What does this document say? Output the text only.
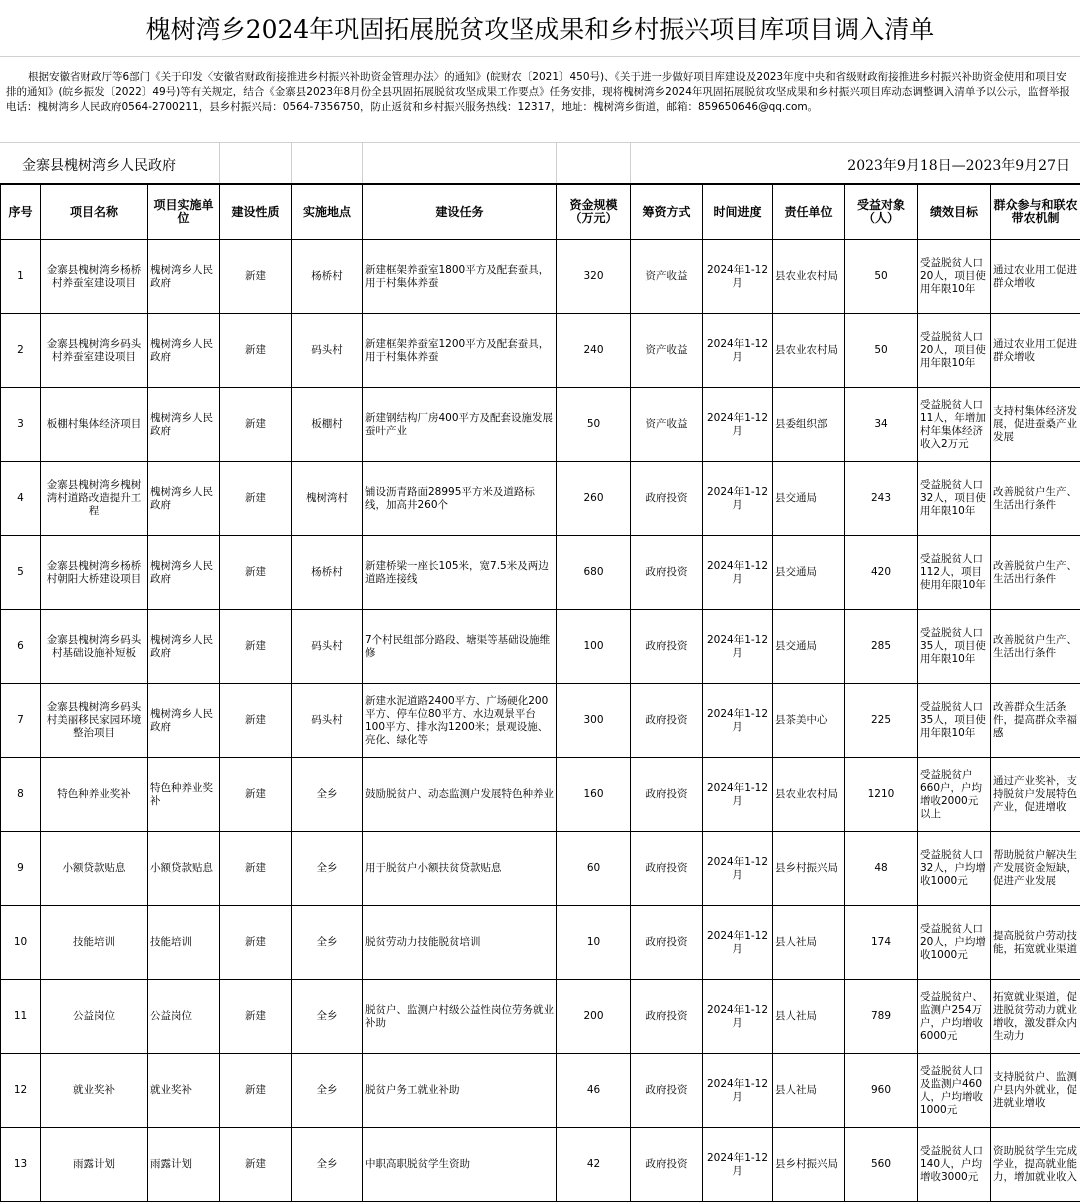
槐树湾乡2024年巩固拓展脱贫攻坚成果和乡村振兴项目库项目调入清单
根据安徽省财政厅等6部门《关于印发〈安徽省财政衔接推进乡村振兴补助资金管理办法〉的通知》(皖财农〔2021〕450号)、《关于进一步做好项目库建设及2023年度中央和省级财政衔接推进乡村振兴补助资金使用和项目安排的通知》(皖乡振发〔2022〕49号)等有关规定，结合《金寨县2023年8月份全县巩固拓展脱贫攻坚成果工作要点》任务安排，现将槐树湾乡2024年巩固拓展脱贫攻坚成果和乡村振兴项目库动态调整调入清单予以公示，监督举报电话：槐树湾乡人民政府0564-2700211，县乡村振兴局：0564-7356750，防止返贫和乡村振兴服务热线：12317，地址：槐树湾乡街道，邮箱：859650646@qq.com。
金寨县槐树湾乡人民政府	2023年9月18日—2023年9月27日
序号	项目名称	项目实施单位	建设性质	实施地点	建设任务	资金规模（万元）	筹资方式	时间进度	责任单位	受益对象（人）	绩效目标	群众参与和联农带农机制
1	金寨县槐树湾乡杨桥村养蚕室建设项目	槐树湾乡人民政府	新建	杨桥村	新建框架养蚕室1800平方及配套蚕具，用于村集体养蚕	320	资产收益	2024年1-12月	县农业农村局	50	受益脱贫人口20人，项目使用年限10年	通过农业用工促进群众增收
2	金寨县槐树湾乡码头村养蚕室建设项目	槐树湾乡人民政府	新建	码头村	新建框架养蚕室1200平方及配套蚕具，用于村集体养蚕	240	资产收益	2024年1-12月	县农业农村局	50	受益脱贫人口20人，项目使用年限10年	通过农业用工促进群众增收
3	板棚村集体经济项目	槐树湾乡人民政府	新建	板棚村	新建钢结构厂房400平方及配套设施发展蚕叶产业	50	资产收益	2024年1-12月	县委组织部	34	受益脱贫人口11人，年增加村年集体经济收入2万元	支持村集体经济发展，促进蚕桑产业发展
4	金寨县槐树湾乡槐树湾村道路改造提升工程	槐树湾乡人民政府	新建	槐树湾村	铺设沥青路面28995平方米及道路标线，加高井260个	260	政府投资	2024年1-12月	县交通局	243	受益脱贫人口32人，项目使用年限10年	改善脱贫户生产、生活出行条件
5	金寨县槐树湾乡杨桥村朝阳大桥建设项目	槐树湾乡人民政府	新建	杨桥村	新建桥梁一座长105米，宽7.5米及两边道路连接线	680	政府投资	2024年1-12月	县交通局	420	受益脱贫人口112人，项目使用年限10年	改善脱贫户生产、生活出行条件
6	金寨县槐树湾乡码头村基础设施补短板	槐树湾乡人民政府	新建	码头村	7个村民组部分路段、塘渠等基础设施维修	100	政府投资	2024年1-12月	县交通局	285	受益脱贫人口35人，项目使用年限10年	改善脱贫户生产、生活出行条件
7	金寨县槐树湾乡码头村美丽移民家园环境整治项目	槐树湾乡人民政府	新建	码头村	新建水泥道路2400平方、广场硬化200平方、停车位80平方、水边观景平台100平方、排水沟1200米；景观设施、亮化、绿化等	300	政府投资	2024年1-12月	县茶美中心	225	受益脱贫人口35人，项目使用年限10年	改善群众生活条件，提高群众幸福感
8	特色种养业奖补	特色种养业奖补	新建	全乡	鼓励脱贫户、动态监测户发展特色种养业	160	政府投资	2024年1-12月	县农业农村局	1210	受益脱贫户660户，户均增收2000元以上	通过产业奖补，支持脱贫户发展特色产业，促进增收
9	小额贷款贴息	小额贷款贴息	新建	全乡	用于脱贫户小额扶贫贷款贴息	60	政府投资	2024年1-12月	县乡村振兴局	48	受益脱贫人口32人，户均增收1000元	帮助脱贫户解决生产发展资金短缺，促进产业发展
10	技能培训	技能培训	新建	全乡	脱贫劳动力技能脱贫培训	10	政府投资	2024年1-12月	县人社局	174	受益脱贫人口20人，户均增收1000元	提高脱贫户劳动技能，拓宽就业渠道
11	公益岗位	公益岗位	新建	全乡	脱贫户、监测户村级公益性岗位劳务就业补助	200	政府投资	2024年1-12月	县人社局	789	受益脱贫户、监测户254万户，户均增收6000元	拓宽就业渠道，促进脱贫劳动力就业增收，激发群众内生动力
12	就业奖补	就业奖补	新建	全乡	脱贫户务工就业补助	46	政府投资	2024年1-12月	县人社局	960	受益脱贫人口及监测户460人，户均增收1000元	支持脱贫户、监测户县内外就业，促进就业增收
13	雨露计划	雨露计划	新建	全乡	中职高职脱贫学生资助	42	政府投资	2024年1-12月	县乡村振兴局	560	受益脱贫人口140人，户均增收3000元	资助脱贫学生完成学业，提高就业能力，增加就业收入
